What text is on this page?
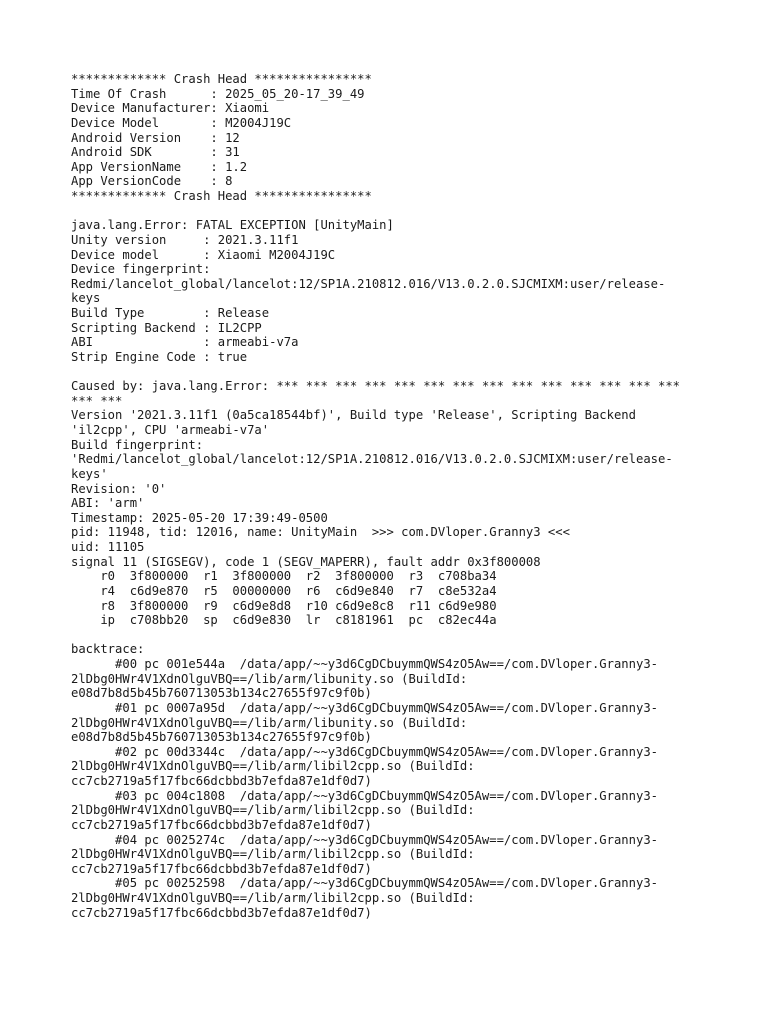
************* Crash Head ****************
Time Of Crash      : 2025_05_20-17_39_49
Device Manufacturer: Xiaomi
Device Model       : M2004J19C
Android Version    : 12
Android SDK        : 31
App VersionName    : 1.2
App VersionCode    : 8
************* Crash Head ****************
java.lang.Error: FATAL EXCEPTION [UnityMain]
Unity version     : 2021.3.11f1
Device model      : Xiaomi M2004J19C
Device fingerprint:
Redmi/lancelot_global/lancelot:12/SP1A.210812.016/V13.0.2.0.SJCMIXM:user/release-
keys
Build Type        : Release
Scripting Backend : IL2CPP
ABI               : armeabi-v7a
Strip Engine Code : true
Caused by: java.lang.Error: *** *** *** *** *** *** *** *** *** *** *** *** *** ***
*** ***
Version '2021.3.11f1 (0a5ca18544bf)', Build type 'Release', Scripting Backend
'il2cpp', CPU 'armeabi-v7a'
Build fingerprint:
'Redmi/lancelot_global/lancelot:12/SP1A.210812.016/V13.0.2.0.SJCMIXM:user/release-
keys'
Revision: '0'
ABI: 'arm'
Timestamp: 2025-05-20 17:39:49-0500
pid: 11948, tid: 12016, name: UnityMain  >>> com.DVloper.Granny3 <<<
uid: 11105
signal 11 (SIGSEGV), code 1 (SEGV_MAPERR), fault addr 0x3f800008
r0  3f800000  r1  3f800000  r2  3f800000  r3  c708ba34
r4  c6d9e870  r5  00000000  r6  c6d9e840  r7  c8e532a4
r8  3f800000  r9  c6d9e8d8  r10 c6d9e8c8  r11 c6d9e980
ip  c708bb20  sp  c6d9e830  lr  c8181961  pc  c82ec44a
backtrace:
#00 pc 001e544a  /data/app/~~y3d6CgDCbuymmQWS4zO5Aw==/com.DVloper.Granny3-
2lDbg0HWr4V1XdnOlguVBQ==/lib/arm/libunity.so (BuildId:
e08d7b8d5b45b760713053b134c27655f97c9f0b)
#01 pc 0007a95d  /data/app/~~y3d6CgDCbuymmQWS4zO5Aw==/com.DVloper.Granny3-
2lDbg0HWr4V1XdnOlguVBQ==/lib/arm/libunity.so (BuildId:
e08d7b8d5b45b760713053b134c27655f97c9f0b)
#02 pc 00d3344c  /data/app/~~y3d6CgDCbuymmQWS4zO5Aw==/com.DVloper.Granny3-
2lDbg0HWr4V1XdnOlguVBQ==/lib/arm/libil2cpp.so (BuildId:
cc7cb2719a5f17fbc66dcbbd3b7efda87e1df0d7)
#03 pc 004c1808  /data/app/~~y3d6CgDCbuymmQWS4zO5Aw==/com.DVloper.Granny3-
2lDbg0HWr4V1XdnOlguVBQ==/lib/arm/libil2cpp.so (BuildId:
cc7cb2719a5f17fbc66dcbbd3b7efda87e1df0d7)
#04 pc 0025274c  /data/app/~~y3d6CgDCbuymmQWS4zO5Aw==/com.DVloper.Granny3-
2lDbg0HWr4V1XdnOlguVBQ==/lib/arm/libil2cpp.so (BuildId:
cc7cb2719a5f17fbc66dcbbd3b7efda87e1df0d7)
#05 pc 00252598  /data/app/~~y3d6CgDCbuymmQWS4zO5Aw==/com.DVloper.Granny3-
2lDbg0HWr4V1XdnOlguVBQ==/lib/arm/libil2cpp.so (BuildId:
cc7cb2719a5f17fbc66dcbbd3b7efda87e1df0d7)
